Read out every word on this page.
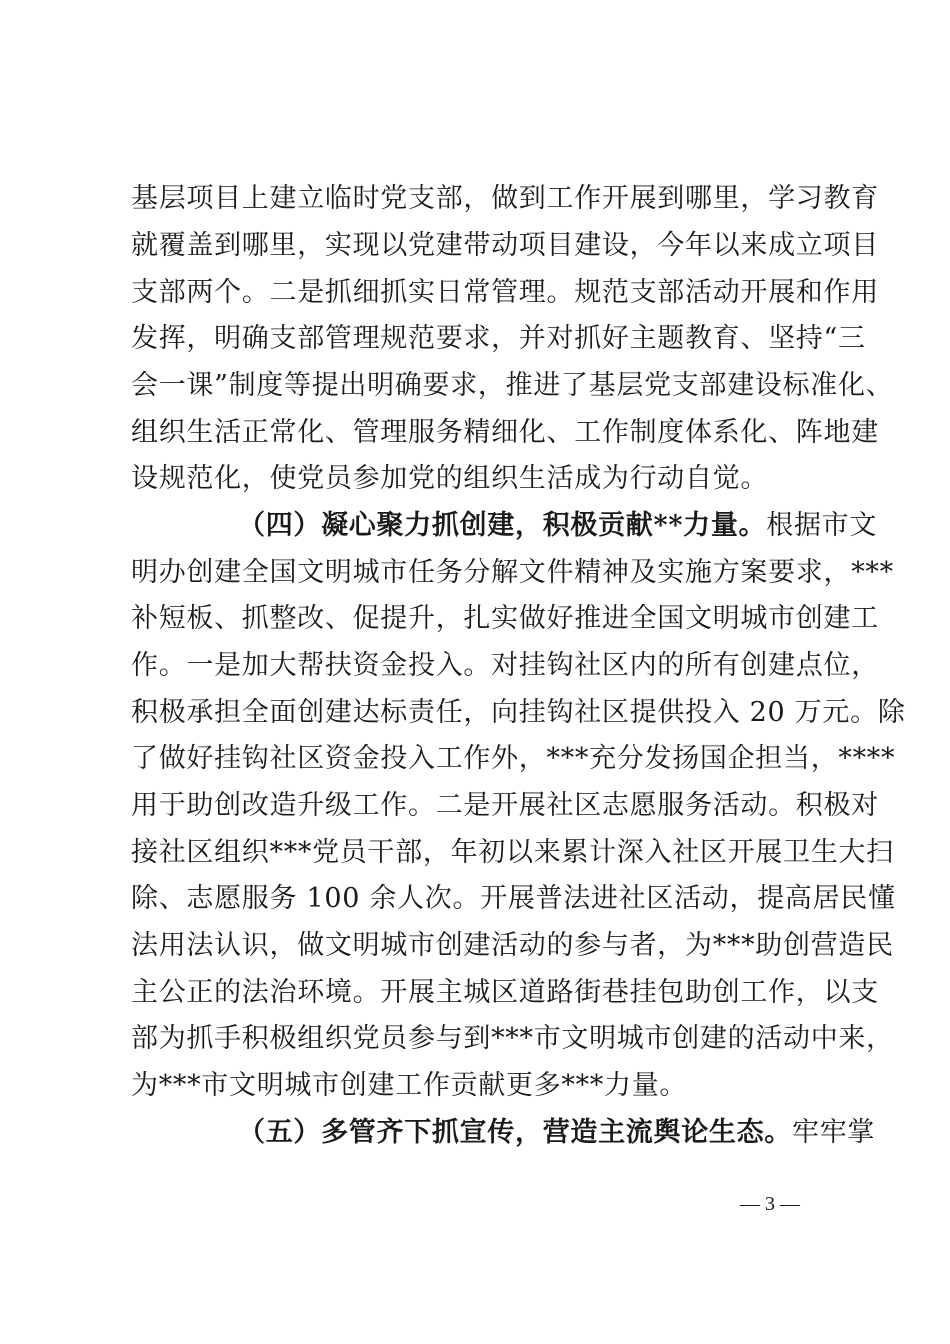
基层项目上建立临时党支部，做到工作开展到哪里，学习教育
就覆盖到哪里，实现以党建带动项目建设，今年以来成立项目
支部两个。二是抓细抓实日常管理。规范支部活动开展和作用
发挥，明确支部管理规范要求，并对抓好主题教育、坚持“三
会一课”制度等提出明确要求，推进了基层党支部建设标准化、
组织生活正常化、管理服务精细化、工作制度体系化、阵地建
设规范化，使党员参加党的组织生活成为行动自觉。
（四）凝心聚力抓创建，积极贡献**力量。根据市文
明办创建全国文明城市任务分解文件精神及实施方案要求，***
补短板、抓整改、促提升，扎实做好推进全国文明城市创建工
作。一是加大帮扶资金投入。对挂钩社区内的所有创建点位，
积极承担全面创建达标责任，向挂钩社区提供投入 20 万元。除
了做好挂钩社区资金投入工作外，***充分发扬国企担当，****
用于助创改造升级工作。二是开展社区志愿服务活动。积极对
接社区组织***党员干部，年初以来累计深入社区开展卫生大扫
除、志愿服务 100 余人次。开展普法进社区活动，提高居民懂
法用法认识，做文明城市创建活动的参与者，为***助创营造民
主公正的法治环境。开展主城区道路街巷挂包助创工作，以支
部为抓手积极组织党员参与到***市文明城市创建的活动中来，
为***市文明城市创建工作贡献更多***力量。
（五）多管齐下抓宣传，营造主流舆论生态。牢牢掌
— 3 —
